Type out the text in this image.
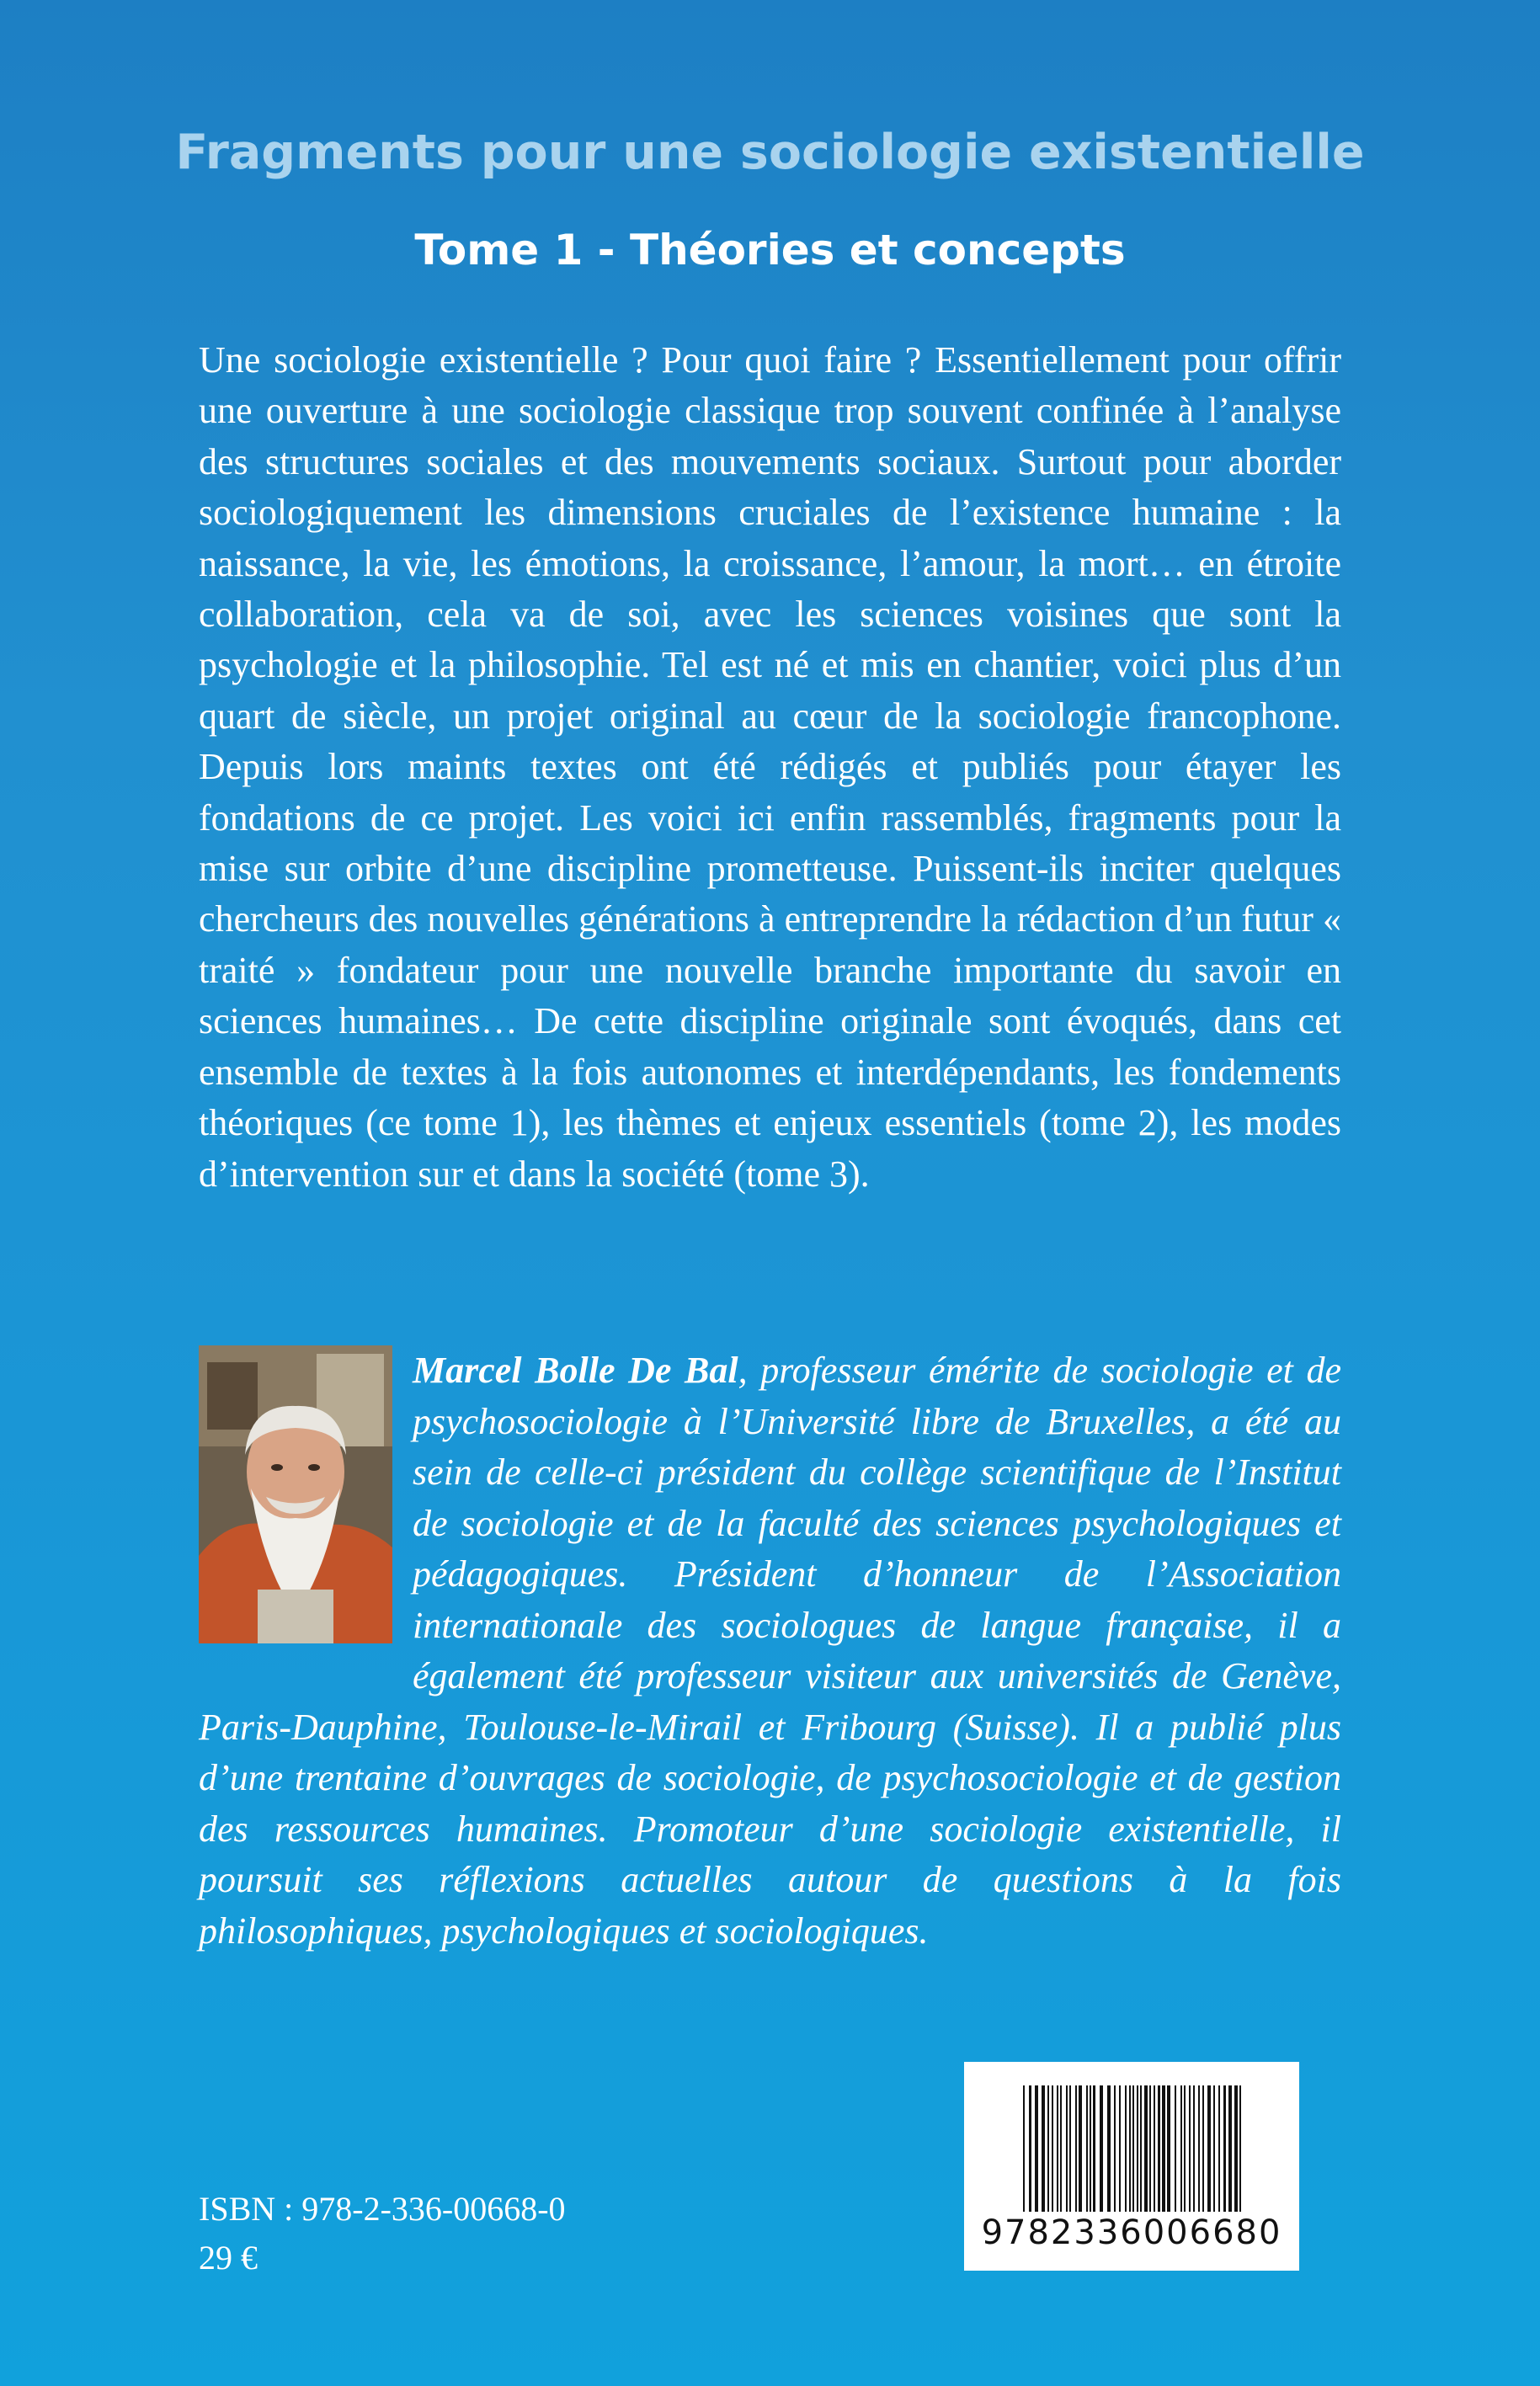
Fragments pour une sociologie existentielle
Tome 1 - Théories et concepts

Une sociologie existentielle ? Pour quoi faire ? Essentiellement pour offrir une ouverture à une sociologie classique trop souvent confinée à l’analyse des structures sociales et des mouvements sociaux. Surtout pour aborder sociologiquement les dimensions cruciales de l’existence humaine : la naissance, la vie, les émotions, la croissance, l’amour, la mort… en étroite collaboration, cela va de soi, avec les sciences voisines que sont la psychologie et la philosophie. Tel est né et mis en chantier, voici plus d’un quart de siècle, un projet original au cœur de la sociologie francophone. Depuis lors maints textes ont été rédigés et publiés pour étayer les fondations de ce projet. Les voici ici enfin rassemblés, fragments pour la mise sur orbite d’une discipline prometteuse. Puissent-ils inciter quelques chercheurs des nouvelles générations à entreprendre la rédaction d’un futur « traité » fondateur pour une nouvelle branche importante du savoir en sciences humaines… De cette discipline originale sont évoqués, dans cet ensemble de textes à la fois autonomes et interdépendants, les fondements théoriques (ce tome 1), les thèmes et enjeux essentiels (tome 2), les modes d’intervention sur et dans la société (tome 3).

Marcel Bolle De Bal, professeur émérite de sociologie et de psychosociologie à l’Université libre de Bruxelles, a été au sein de celle-ci président du collège scientifique de l’Institut de sociologie et de la faculté des sciences psychologiques et pédagogiques. Président d’honneur de l’Association internationale des sociologues de langue française, il a également été professeur visiteur aux universités de Genève, Paris-Dauphine, Toulouse-le-Mirail et Fribourg (Suisse). Il a publié plus d’une trentaine d’ouvrages de sociologie, de psychosociologie et de gestion des ressources humaines. Promoteur d’une sociologie existentielle, il poursuit ses réflexions actuelles autour de questions à la fois philosophiques, psychologiques et sociologiques.

ISBN : 978-2-336-00668-0

29 €

9782336006680
